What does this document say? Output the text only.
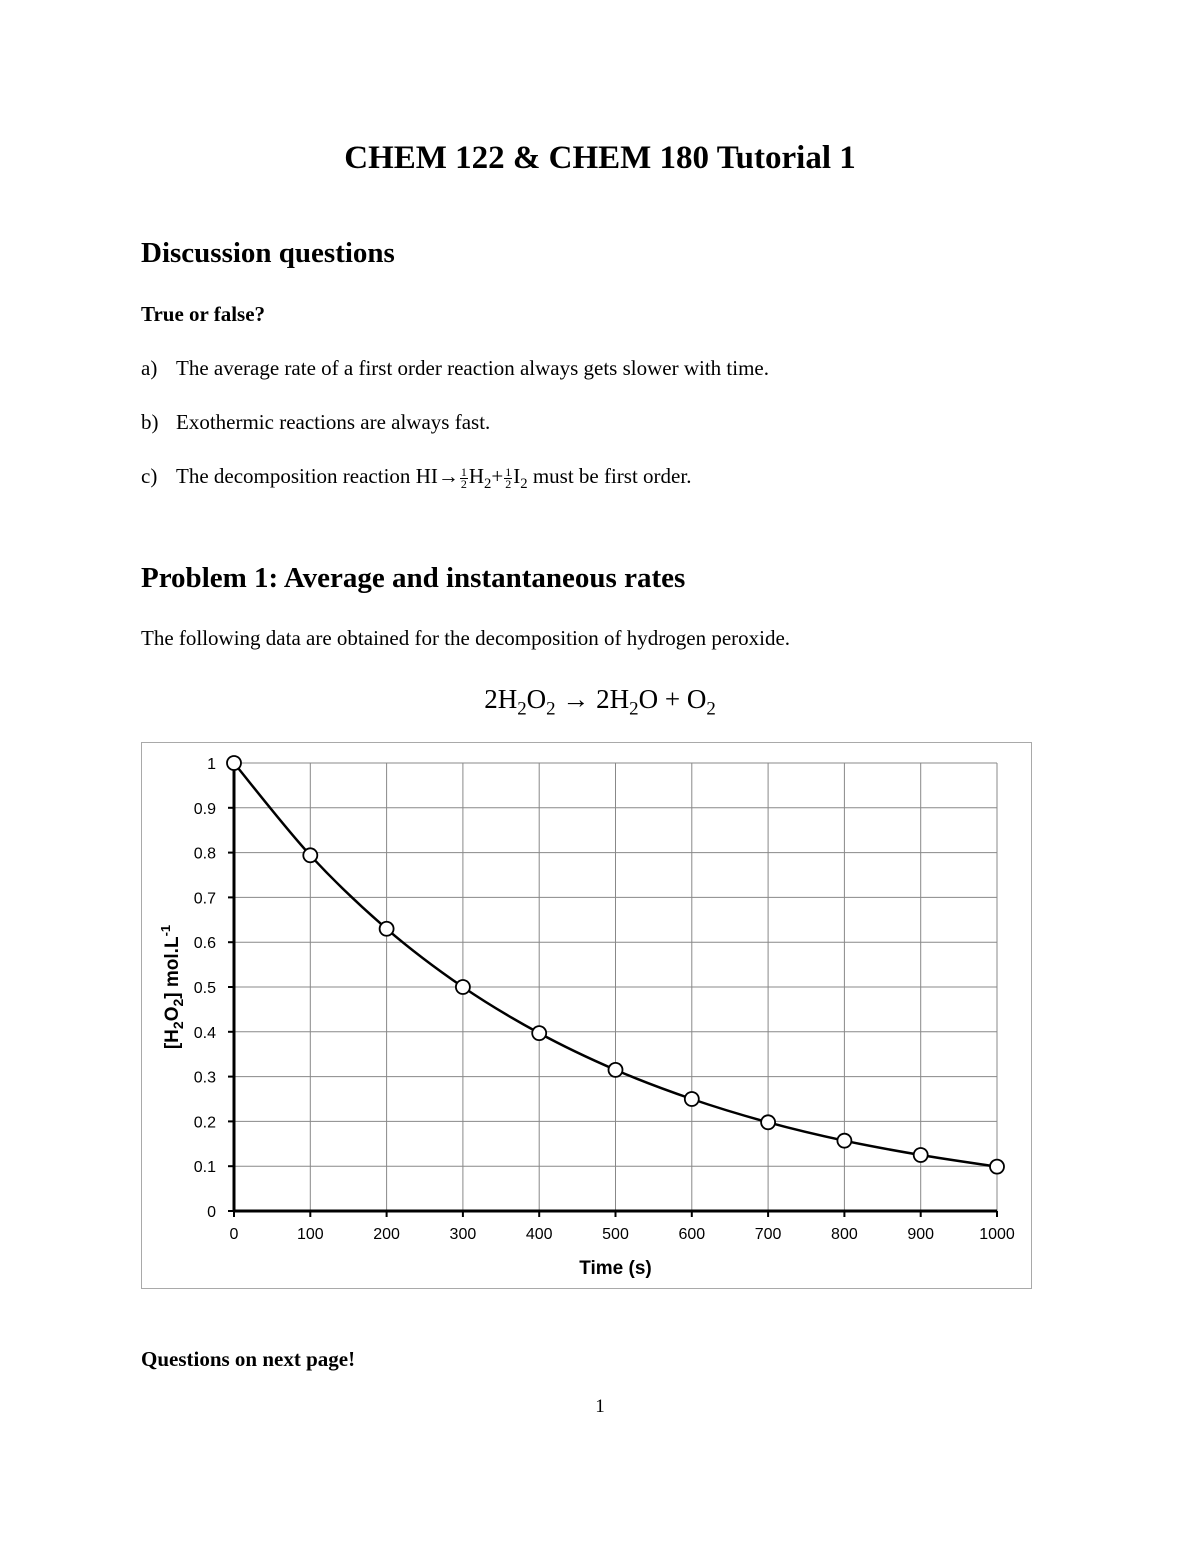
CHEM 122 & CHEM 180 Tutorial 1
Discussion questions

True or false?

a) The average rate of a first order reaction always gets slower with time.

b) Exothermic reactions are always fast.

c) The decomposition reaction $HI\to \frac{1}{2} H_2+ \frac{1}{2} I_2$ must be first order.

Problem 1: Average and instantaneous rates

The following data are obtained for the decomposition of hydrogen peroxide.

$2H_2O_2 \to 2H_2O + O_2$

0	100	200	300	400	500	600	700	800	900	1000
0
0.1
0.2
0.3
0.4
0.5
0.6
0.7
0.8
0.9
1
Time (s)
$[H_2O_2]$ $mol.L^{-1}$

Questions on next page!

1
